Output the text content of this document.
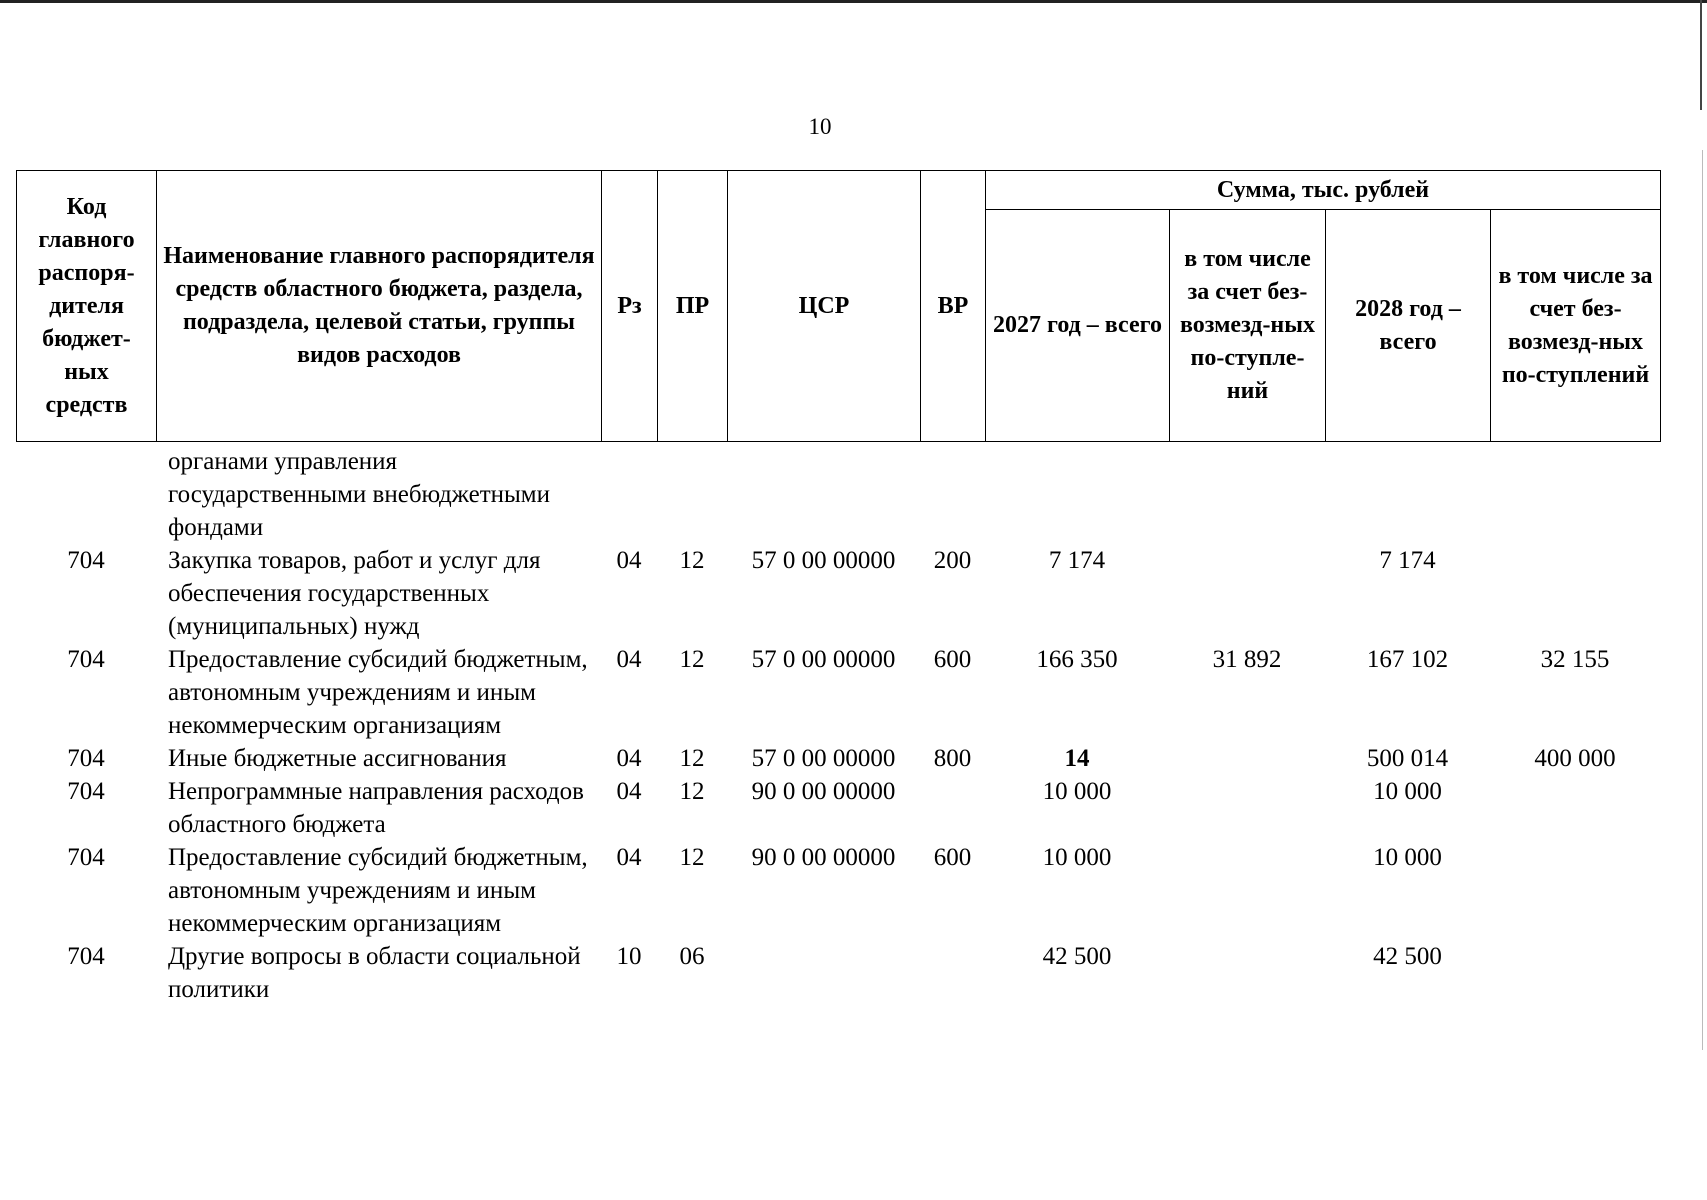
10
Код главного распоря-дителя бюджет-ных средств	Наименование главного распорядителя средств областного бюджета, раздела, подраздела, целевой статьи, группы видов расходов	Рз	ПР	ЦСР	ВР	Сумма, тыс. рублей			
						2027 год – всего	в том числе за счет без-возмезд-ных по-ступле-ний	2028 год – всего	в том числе за счет без-возмезд-ных по-ступлений
	органами управления государственными внебюджетными фондами								
704	Закупка товаров, работ и услуг для обеспечения государственных (муниципальных) нужд	04	12	57 0 00 00000	200	7 174		7 174	
704	Предоставление субсидий бюджетным, автономным учреждениям и иным некоммерческим организациям	04	12	57 0 00 00000	600	166 350	31 892	167 102	32 155
704	Иные бюджетные ассигнования	04	12	57 0 00 00000	800	14		500 014	400 000
704	Непрограммные направления расходов областного бюджета	04	12	90 0 00 00000		10 000		10 000	
704	Предоставление субсидий бюджетным, автономным учреждениям и иным некоммерческим организациям	04	12	90 0 00 00000	600	10 000		10 000	
704	Другие вопросы в области социальной политики	10	06			42 500		42 500	
